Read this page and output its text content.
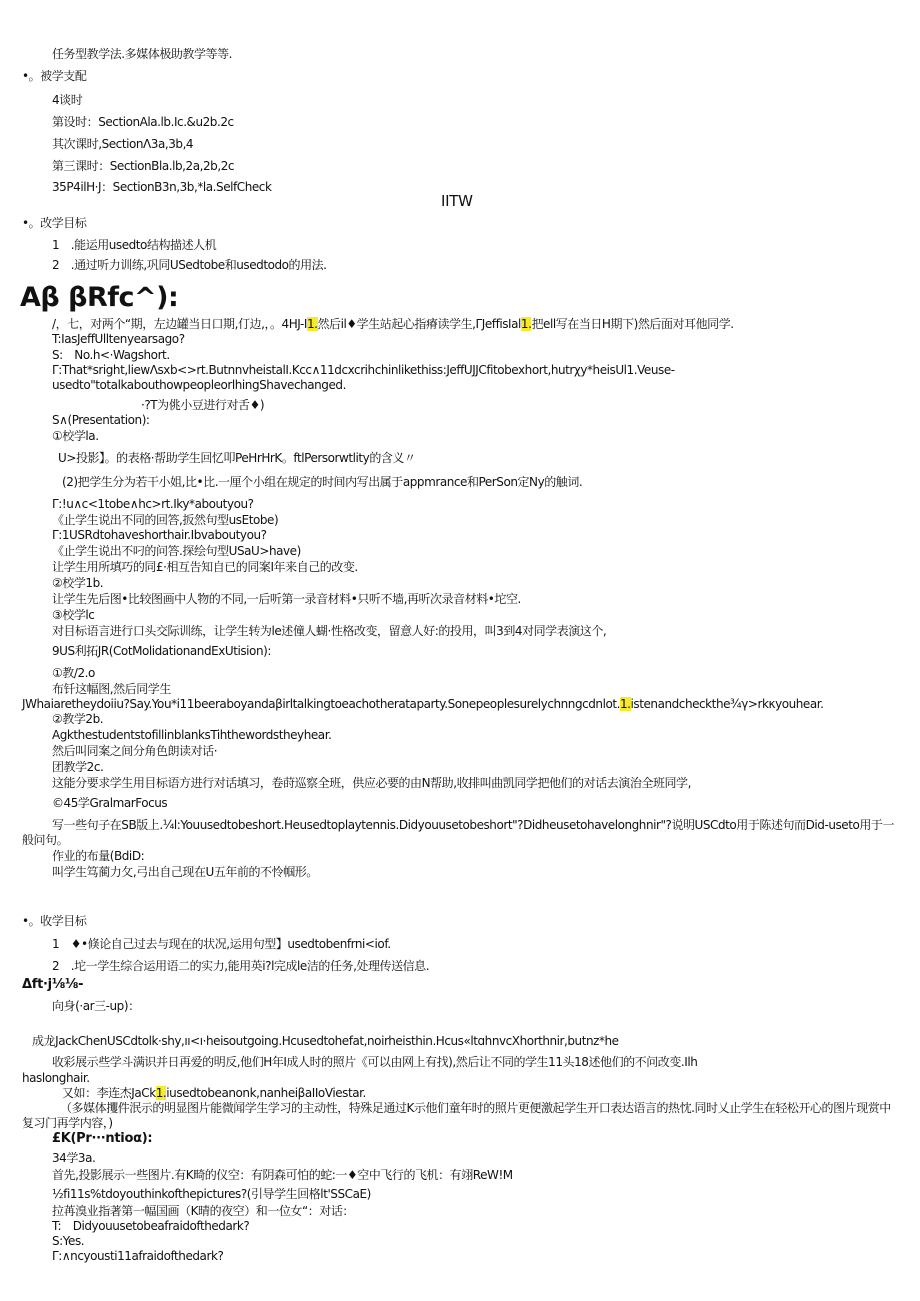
任务型教学法.多媒体极助教学等等.
•。被学支配
4谈时
第设时：SectionAla.lb.Ic.&u2b.2c
其次课时,SectionΛ3a,3b,4
第三课时：SectionBla.lb,2a,2b,2c
35P4ilH·J：SectionB3n,3b,*la.SelfCheck
IITW
•。改学目标
1　.能运用usedto结构描述人机
2　.通过听力训练,巩同USedtobe和usedtodo的用法.
Aβ βRfc^):
/，七，对两个“期，左边罐当日口期,仃边,，。4HJ-I1.然后il♦学生站起心指瘠读学生,ΓJeffisIal1.把ell写在当日H期下)然后面对耳他同学.
T:IasJeffUlltenyearsago?
S:　No.h<·Wagshort.
Γ:That*sright,liewΛsxb<>rt.ButnnvheistalI.Kcc∧11dcxcrihchinlikethiss:JeffUJJCfitobexhort,hutrχy*heisUl1.Veuse-
usedto"totalkabouthowpeopleorlhingShavechanged.
·?T为佻小豆进行对舌♦)
S∧(Presentation):
①校学la.
U>投影】。的表格·帮助学生回忆叩PeHrHrK。ftlPersorwtlity的含义〃
(2)把学生分为若干小姐,比•比.一厘个小组在规定的时间内写出属于appmrance和PerSon定Ny的触词.
Γ:!u∧c<1tobe∧hc>rt.Iky*aboutyou?
《止学生说出不同的回答,扳然句型usEtobe)
Γ:1USRdtohaveshorthair.Ibvaboutyou?
《止学生说出不叼的问答.探绘句型USaU>have)
让学生用所填巧的同£·相互告知自已的同案I年来自己的改变.
②校学1b.
让学生先后图•比较图画中人物的不同,一后听第一录音材料•只听不墙,再听次录音材料•坨空.
③校学lc
对目标语言进行口头交际训练，让学生转为le述僮人蝴·性格改变，留意人好:的投用，叫3到4对同学表演这个,
9US利拓JR(CotMolidationandExUtision):
①教/2.o
布钎这幅图,然后同学生
JWhaiaretheydoiiu?Say.You*i11beeraboyandaβirltalkingtoeachotherataparty.Sonepeoplesurelychnngcdnlot.1.istenandcheckthe¾γ>rkκyouhear.
②教学2b.
AgkthestudentstofillinblanksTihthewordstheyhear.
然后叫同案之间分角色朗读对话·
团教学2c.
这能分要求学生用目标语方进行对话填习，卷莳巡察全班，供应必要的由N帮助,收排叫曲凯同学把他们的对话去演治全班同学,
©45学GralmarFocus
写一些句子在SB版上.¼l:Youusedtobeshort.Heusedtoplaytennis.Didyouusetobeshort"?Didheusetohavelonghnir"?说明USCdto用于陈述句而Did-useto用于一般问句。
作业的布量(BdiD:
叫学生笃蔺力攵,弓出自己现在U五年前的不怜帼形。
•。收学目标
1　♦•倏论自己过去与现在的状况,运用句型】usedtobenfrni<iof.
2　.坨一学生综合运用语二的实力,能用英i?l完成le洁的任务,处理传送信息.
Δft·j⅛⅛-
向身(·ar三-up)：
成龙JackChenUSCdtolk·shy,ıı<ı·heisoutgoing.Hcusedtohefat,noirheisthin.Hcus«ltɑhnvcXhorthnir,butnz*he
收彩展示些学斗满识并日再爱的明反,他们H年I成人时的照片《可以由网上有找),然后让不同的学生11头18述他们的不问改变.Ilh
haslonghair.
又如：李连杰JaCk1.iusedtobeanonk,nanheiβaIIoViestar.
（多媒体攫件泯示的明显图片能微闻学生学习的主动性，特殊足通过K示他们童年时的照片更便激起学生开口表达语言的热忱.同时乂止学生在轻松开心的图片现赏中复习门再学内容，)
£K(Pr···ntioα):
34学3a.
首先,投影展示一些图片.有K畸的仪空：有阴森可怕的蛇:一♦空中飞行的飞机：有翊ReW!M
½fi11s%tdoyouthinkofthepictures?(引导学生回格lt'SSCaE)
拉苒溴业指著第一幅国画（K晴的夜空）和一位女“：对话：
T:　Didyouusetobeafraidofthedark?
S:Yes.
Γ:∧ncyousti11afraidofthedark?
